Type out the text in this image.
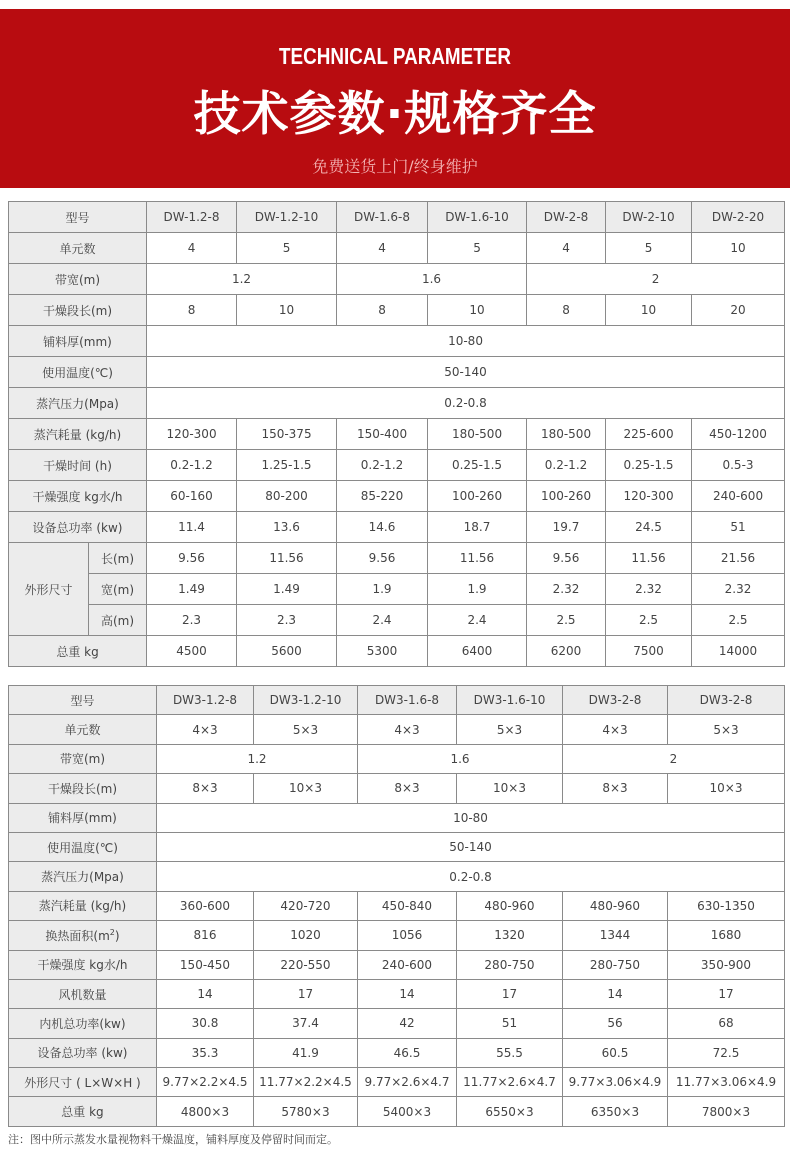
TECHNICAL PARAMETER
技术参数·规格齐全
免费送货上门/终身维护
型号		DW-1.2-8	DW-1.2-10	DW-1.6-8	DW-1.6-10	DW-2-8	DW-2-10	DW-2-20
单元数		4	5	4	5	4	5	10
带宽(m)		1.2		1.6		2		
干燥段长(m)		8	10	8	10	8	10	20
铺料厚(mm)		10-80						
使用温度(℃)		50-140						
蒸汽压力(Mpa)		0.2-0.8						
蒸汽耗量 (kg/h)		120-300	150-375	150-400	180-500	180-500	225-600	450-1200
干燥时间 (h)		0.2-1.2	1.25-1.5	0.2-1.2	0.25-1.5	0.2-1.2	0.25-1.5	0.5-3
干燥强度 kg水/h		60-160	80-200	85-220	100-260	100-260	120-300	240-600
设备总功率 (kw)		11.4	13.6	14.6	18.7	19.7	24.5	51
外形尺寸	长(m)	9.56	11.56	9.56	11.56	9.56	11.56	21.56
	宽(m)	1.49	1.49	1.9	1.9	2.32	2.32	2.32
	高(m)	2.3	2.3	2.4	2.4	2.5	2.5	2.5
总重 kg		4500	5600	5300	6400	6200	7500	14000
型号	DW3-1.2-8	DW3-1.2-10	DW3-1.6-8	DW3-1.6-10	DW3-2-8	DW3-2-8
单元数	4×3	5×3	4×3	5×3	4×3	5×3
带宽(m)	1.2		1.6		2	
干燥段长(m)	8×3	10×3	8×3	10×3	8×3	10×3
铺料厚(mm)	10-80					
使用温度(℃)	50-140					
蒸汽压力(Mpa)	0.2-0.8					
蒸汽耗量 (kg/h)	360-600	420-720	450-840	480-960	480-960	630-1350
换热面积$(m^2)$	816	1020	1056	1320	1344	1680
干燥强度 kg水/h	150-450	220-550	240-600	280-750	280-750	350-900
风机数量	14	17	14	17	14	17
内机总功率(kw)	30.8	37.4	42	51	56	68
设备总功率 (kw)	35.3	41.9	46.5	55.5	60.5	72.5
外形尺寸 ( L×W×H )	9.77×2.2×4.5	11.77×2.2×4.5	9.77×2.6×4.7	11.77×2.6×4.7	9.77×3.06×4.9	11.77×3.06×4.9
总重 kg	4800×3	5780×3	5400×3	6550×3	6350×3	7800×3
注：图中所示蒸发水量视物料干燥温度，铺料厚度及停留时间而定。
